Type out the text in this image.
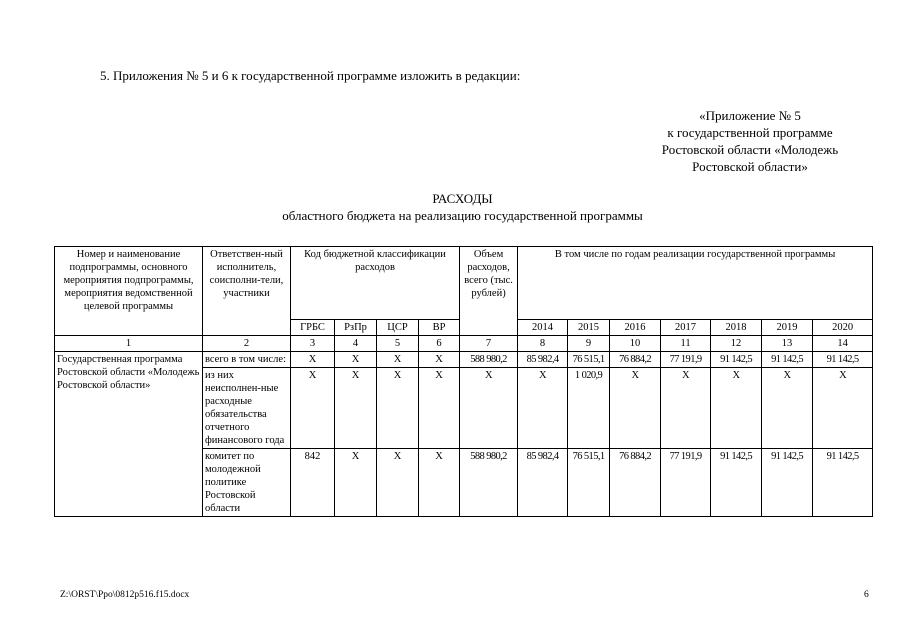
5. Приложения № 5 и 6 к государственной программе изложить в редакции:
«Приложение № 5
к государственной программе
Ростовской области «Молодежь
Ростовской области»
РАСХОДЫ
областного бюджета на реализацию государственной программы
Номер и наименование подпрограммы, основного мероприятия подпрограммы, мероприятия ведомственной целевой программы	Ответствен-ный исполнитель, соисполни-тели, участники	Код бюджетной классификации расходов				Объем расходов, всего (тыс. рублей)	В том числе по годам реализации государственной программы						
		ГРБС	РзПр	ЦСР	ВР		2014	2015	2016	2017	2018	2019	2020
1	2	3	4	5	6	7	8	9	10	11	12	13	14
Государственная программа Ростовской области «Молодежь Ростовской области»	всего в том числе:	X	X	X	X	588 980,2	85 982,4	76 515,1	76 884,2	77 191,9	91 142,5	91 142,5	91 142,5
	из них неисполнен-ные расходные обязательства отчетного финансового года	X	X	X	X	X	X	1 020,9	X	X	X	X	X
	комитет по молодежной политике Ростовской области	842	X	X	X	588 980,2	85 982,4	76 515,1	76 884,2	77 191,9	91 142,5	91 142,5	91 142,5
Z:\ORST\Ppo\0812p516.f15.docx	6
